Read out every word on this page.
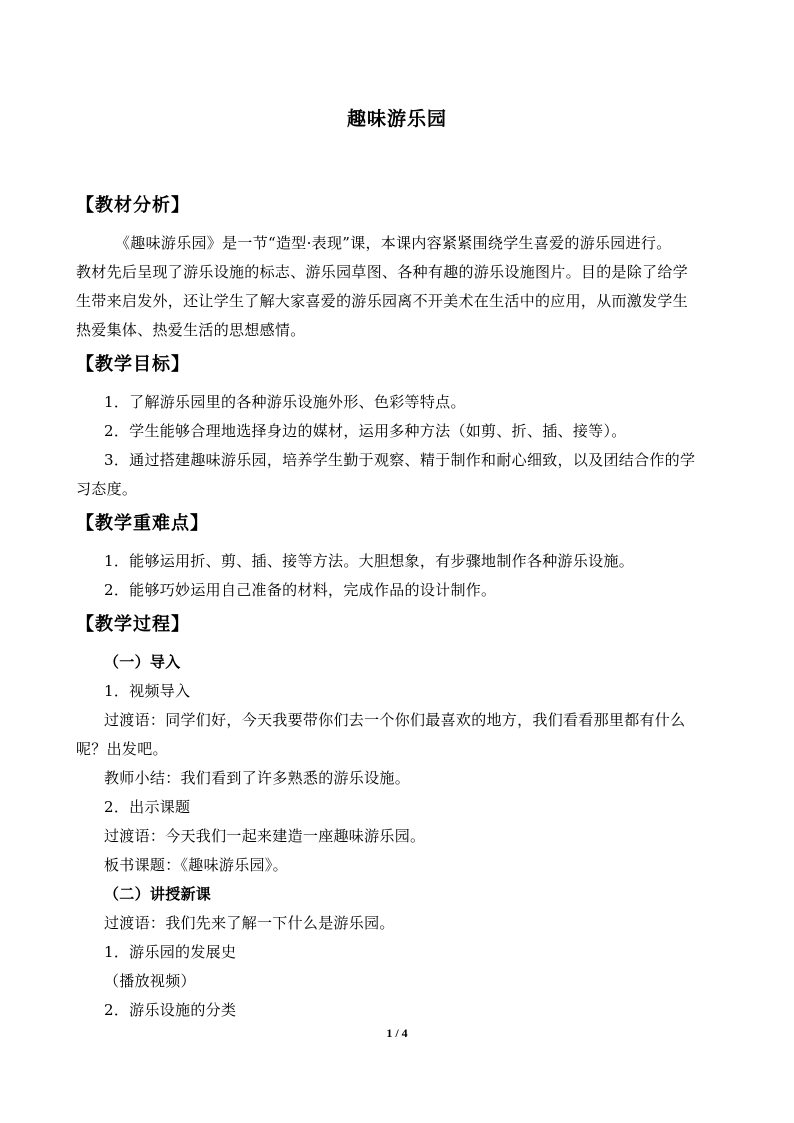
趣味游乐园
【教材分析】
《趣味游乐园》是一节“造型·表现”课，本课内容紧紧围绕学生喜爱的游乐园进行。
教材先后呈现了游乐设施的标志、游乐园草图、各种有趣的游乐设施图片。目的是除了给学
生带来启发外，还让学生了解大家喜爱的游乐园离不开美术在生活中的应用，从而激发学生
热爱集体、热爱生活的思想感情。
【教学目标】
1．了解游乐园里的各种游乐设施外形、色彩等特点。
2．学生能够合理地选择身边的媒材，运用多种方法（如剪、折、插、接等）。
3．通过搭建趣味游乐园，培养学生勤于观察、精于制作和耐心细致，以及团结合作的学
习态度。
【教学重难点】
1．能够运用折、剪、插、接等方法。大胆想象，有步骤地制作各种游乐设施。
2．能够巧妙运用自己准备的材料，完成作品的设计制作。
【教学过程】
（一）导入
1．视频导入
过渡语：同学们好，今天我要带你们去一个你们最喜欢的地方，我们看看那里都有什么
呢？出发吧。
教师小结：我们看到了许多熟悉的游乐设施。
2．出示课题
过渡语：今天我们一起来建造一座趣味游乐园。
板书课题：《趣味游乐园》。
（二）讲授新课
过渡语：我们先来了解一下什么是游乐园。
1．游乐园的发展史
（播放视频）
2．游乐设施的分类
1 / 4
